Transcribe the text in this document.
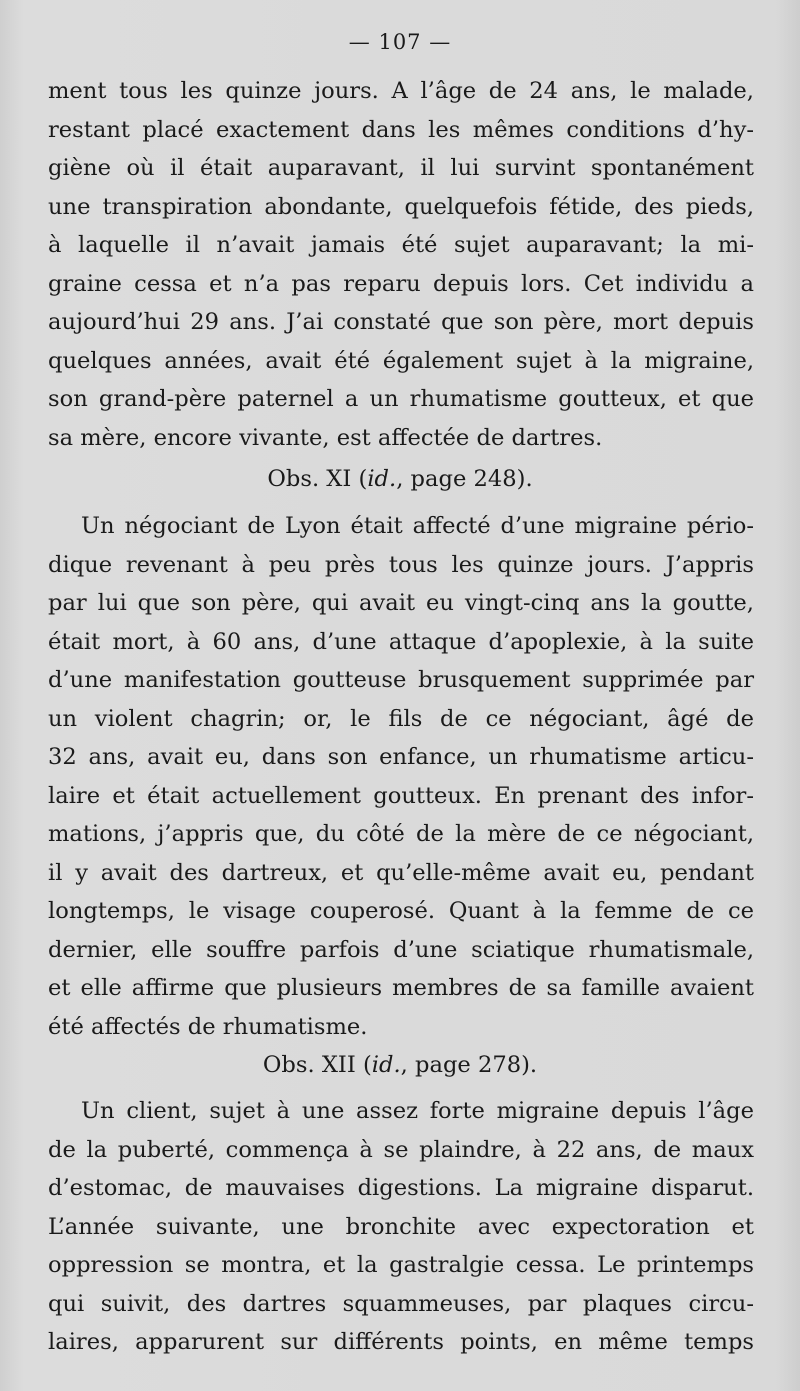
— 107 —
ment tous les quinze jours. A l’âge de 24 ans, le malade,
restant placé exactement dans les mêmes conditions d’hy-
giène où il était auparavant, il lui survint spontanément
une transpiration abondante, quelquefois fétide, des pieds,
à laquelle il n’avait jamais été sujet auparavant; la mi-
graine cessa et n’a pas reparu depuis lors. Cet individu a
aujourd’hui 29 ans. J’ai constaté que son père, mort depuis
quelques années, avait été également sujet à la migraine,
son grand-père paternel a un rhumatisme goutteux, et que
sa mère, encore vivante, est affectée de dartres.
Obs. XI (id., page 248).
Un négociant de Lyon était affecté d’une migraine pério-
dique revenant à peu près tous les quinze jours. J’appris
par lui que son père, qui avait eu vingt-cinq ans la goutte,
était mort, à 60 ans, d’une attaque d’apoplexie, à la suite
d’une manifestation goutteuse brusquement supprimée par
un violent chagrin; or, le fils de ce négociant, âgé de
32 ans, avait eu, dans son enfance, un rhumatisme articu-
laire et était actuellement goutteux. En prenant des infor-
mations, j’appris que, du côté de la mère de ce négociant,
il y avait des dartreux, et qu’elle-même avait eu, pendant
longtemps, le visage couperosé. Quant à la femme de ce
dernier, elle souffre parfois d’une sciatique rhumatismale,
et elle affirme que plusieurs membres de sa famille avaient
été affectés de rhumatisme.
Obs. XII (id., page 278).
Un client, sujet à une assez forte migraine depuis l’âge
de la puberté, commença à se plaindre, à 22 ans, de maux
d’estomac, de mauvaises digestions. La migraine disparut.
L’année suivante, une bronchite avec expectoration et
oppression se montra, et la gastralgie cessa. Le printemps
qui suivit, des dartres squammeuses, par plaques circu-
laires, apparurent sur différents points, en même temps
